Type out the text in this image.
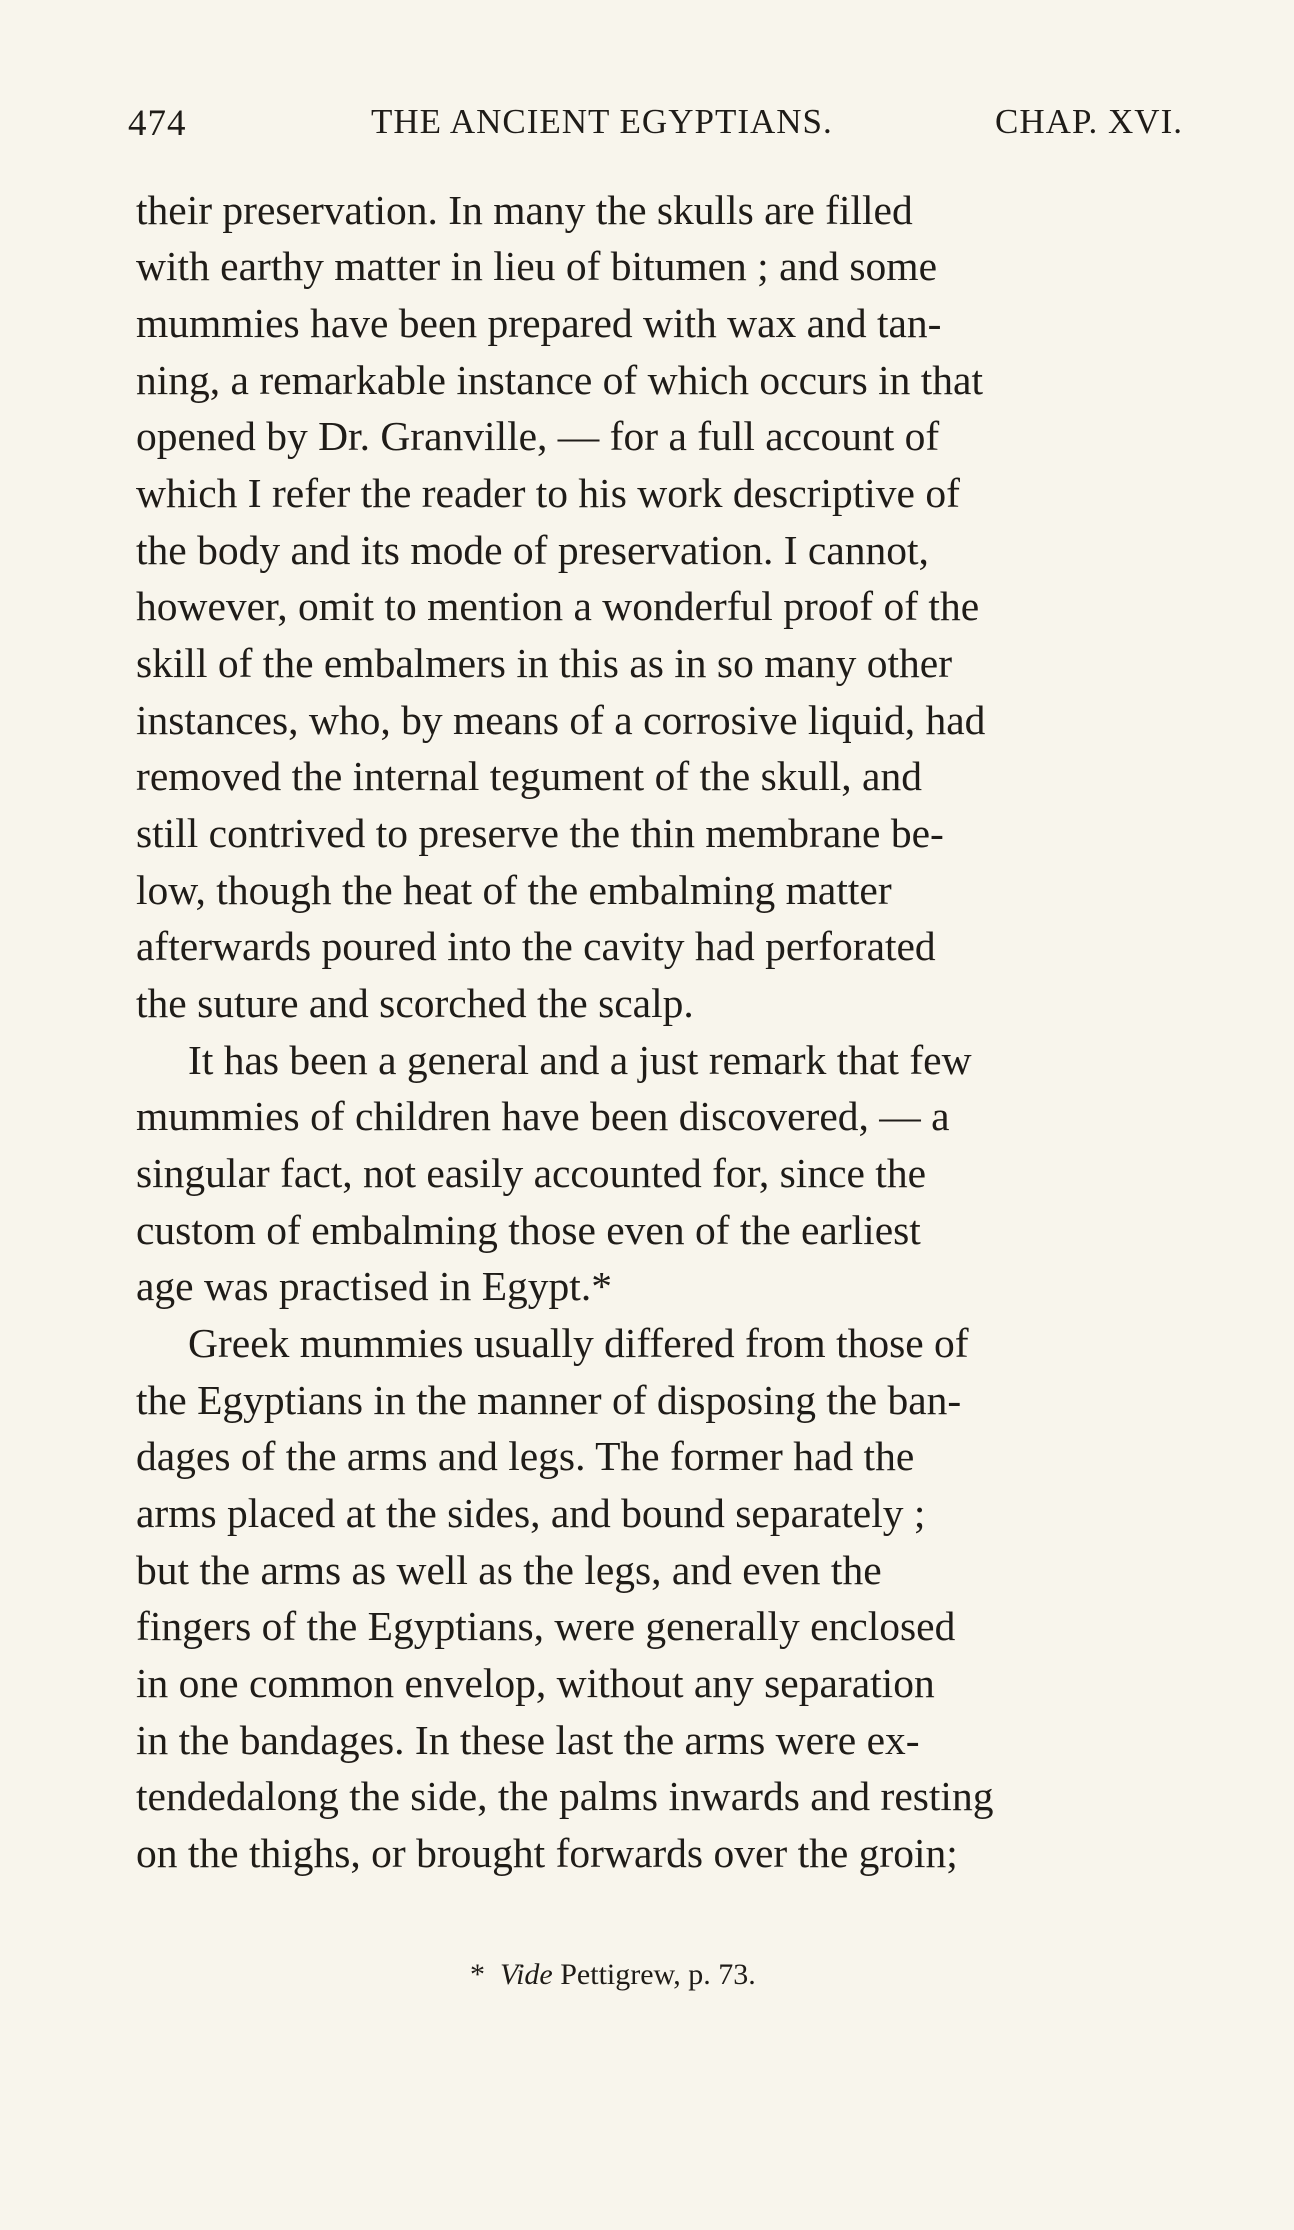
474	THE ANCIENT EGYPTIANS.	CHAP. XVI.
their preservation. In many the skulls are filled
with earthy matter in lieu of bitumen ; and some
mummies have been prepared with wax and tan-
ning, a remarkable instance of which occurs in that
opened by Dr. Granville, — for a full account of
which I refer the reader to his work descriptive of
the body and its mode of preservation. I cannot,
however, omit to mention a wonderful proof of the
skill of the embalmers in this as in so many other
instances, who, by means of a corrosive liquid, had
removed the internal tegument of the skull, and
still contrived to preserve the thin membrane be-
low, though the heat of the embalming matter
afterwards poured into the cavity had perforated
the suture and scorched the scalp.
It has been a general and a just remark that few
mummies of children have been discovered, — a
singular fact, not easily accounted for, since the
custom of embalming those even of the earliest
age was practised in Egypt.*
Greek mummies usually differed from those of
the Egyptians in the manner of disposing the ban-
dages of the arms and legs. The former had the
arms placed at the sides, and bound separately ;
but the arms as well as the legs, and even the
fingers of the Egyptians, were generally enclosed
in one common envelop, without any separation
in the bandages. In these last the arms were ex-
tendedalong the side, the palms inwards and resting
on the thighs, or brought forwards over the groin;
* Vide Pettigrew, p. 73.
